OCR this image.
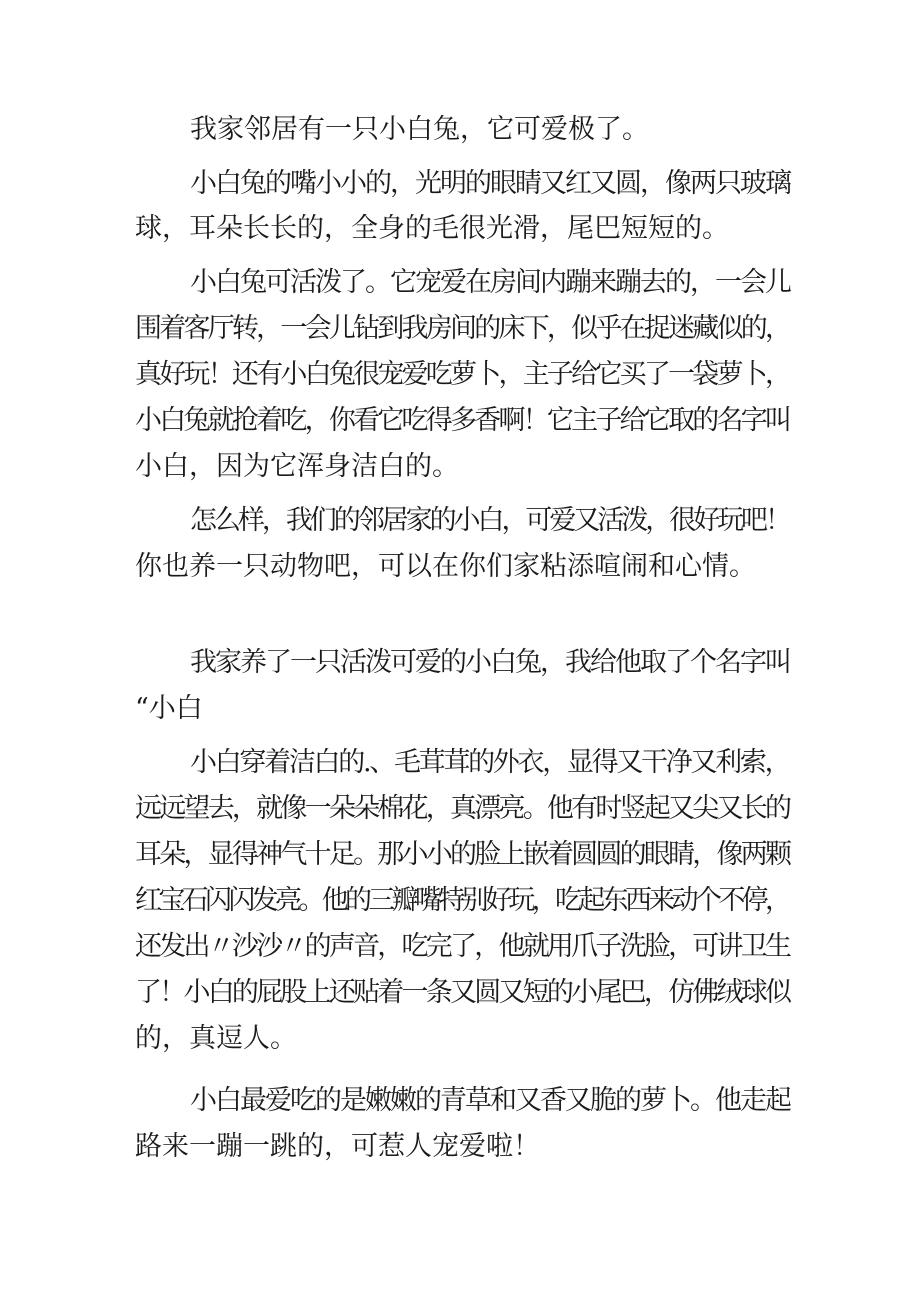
我家邻居有一只小白兔，它可爱极了。
小白兔的嘴小小的，光明的眼睛又红又圆，像两只玻璃
球，耳朵长长的，全身的毛很光滑，尾巴短短的。
小白兔可活泼了。它宠爱在房间内蹦来蹦去的，一会儿
围着客厅转，一会儿钻到我房间的床下，似乎在捉迷藏似的，
真好玩！还有小白兔很宠爱吃萝卜，主子给它买了一袋萝卜，
小白兔就抢着吃，你看它吃得多香啊！它主子给它取的名字叫
小白，因为它浑身洁白的。
怎么样，我们的邻居家的小白，可爱又活泼，很好玩吧！
你也养一只动物吧，可以在你们家粘添喧闹和心情。
我家养了一只活泼可爱的小白兔，我给他取了个名字叫
“小白
小白穿着洁白的.、毛茸茸的外衣，显得又干净又利索，
远远望去，就像一朵朵棉花，真漂亮。他有时竖起又尖又长的
耳朵，显得神气十足。那小小的脸上嵌着圆圆的眼睛，像两颗
红宝石闪闪发亮。他的三瓣嘴特别好玩，吃起东西来动个不停，
还发出〃沙沙〃的声音，吃完了，他就用爪子洗脸，可讲卫生
了！小白的屁股上还贴着一条又圆又短的小尾巴，仿佛绒球似
的，真逗人。
小白最爱吃的是嫩嫩的青草和又香又脆的萝卜。他走起
路来一蹦一跳的，可惹人宠爱啦！
